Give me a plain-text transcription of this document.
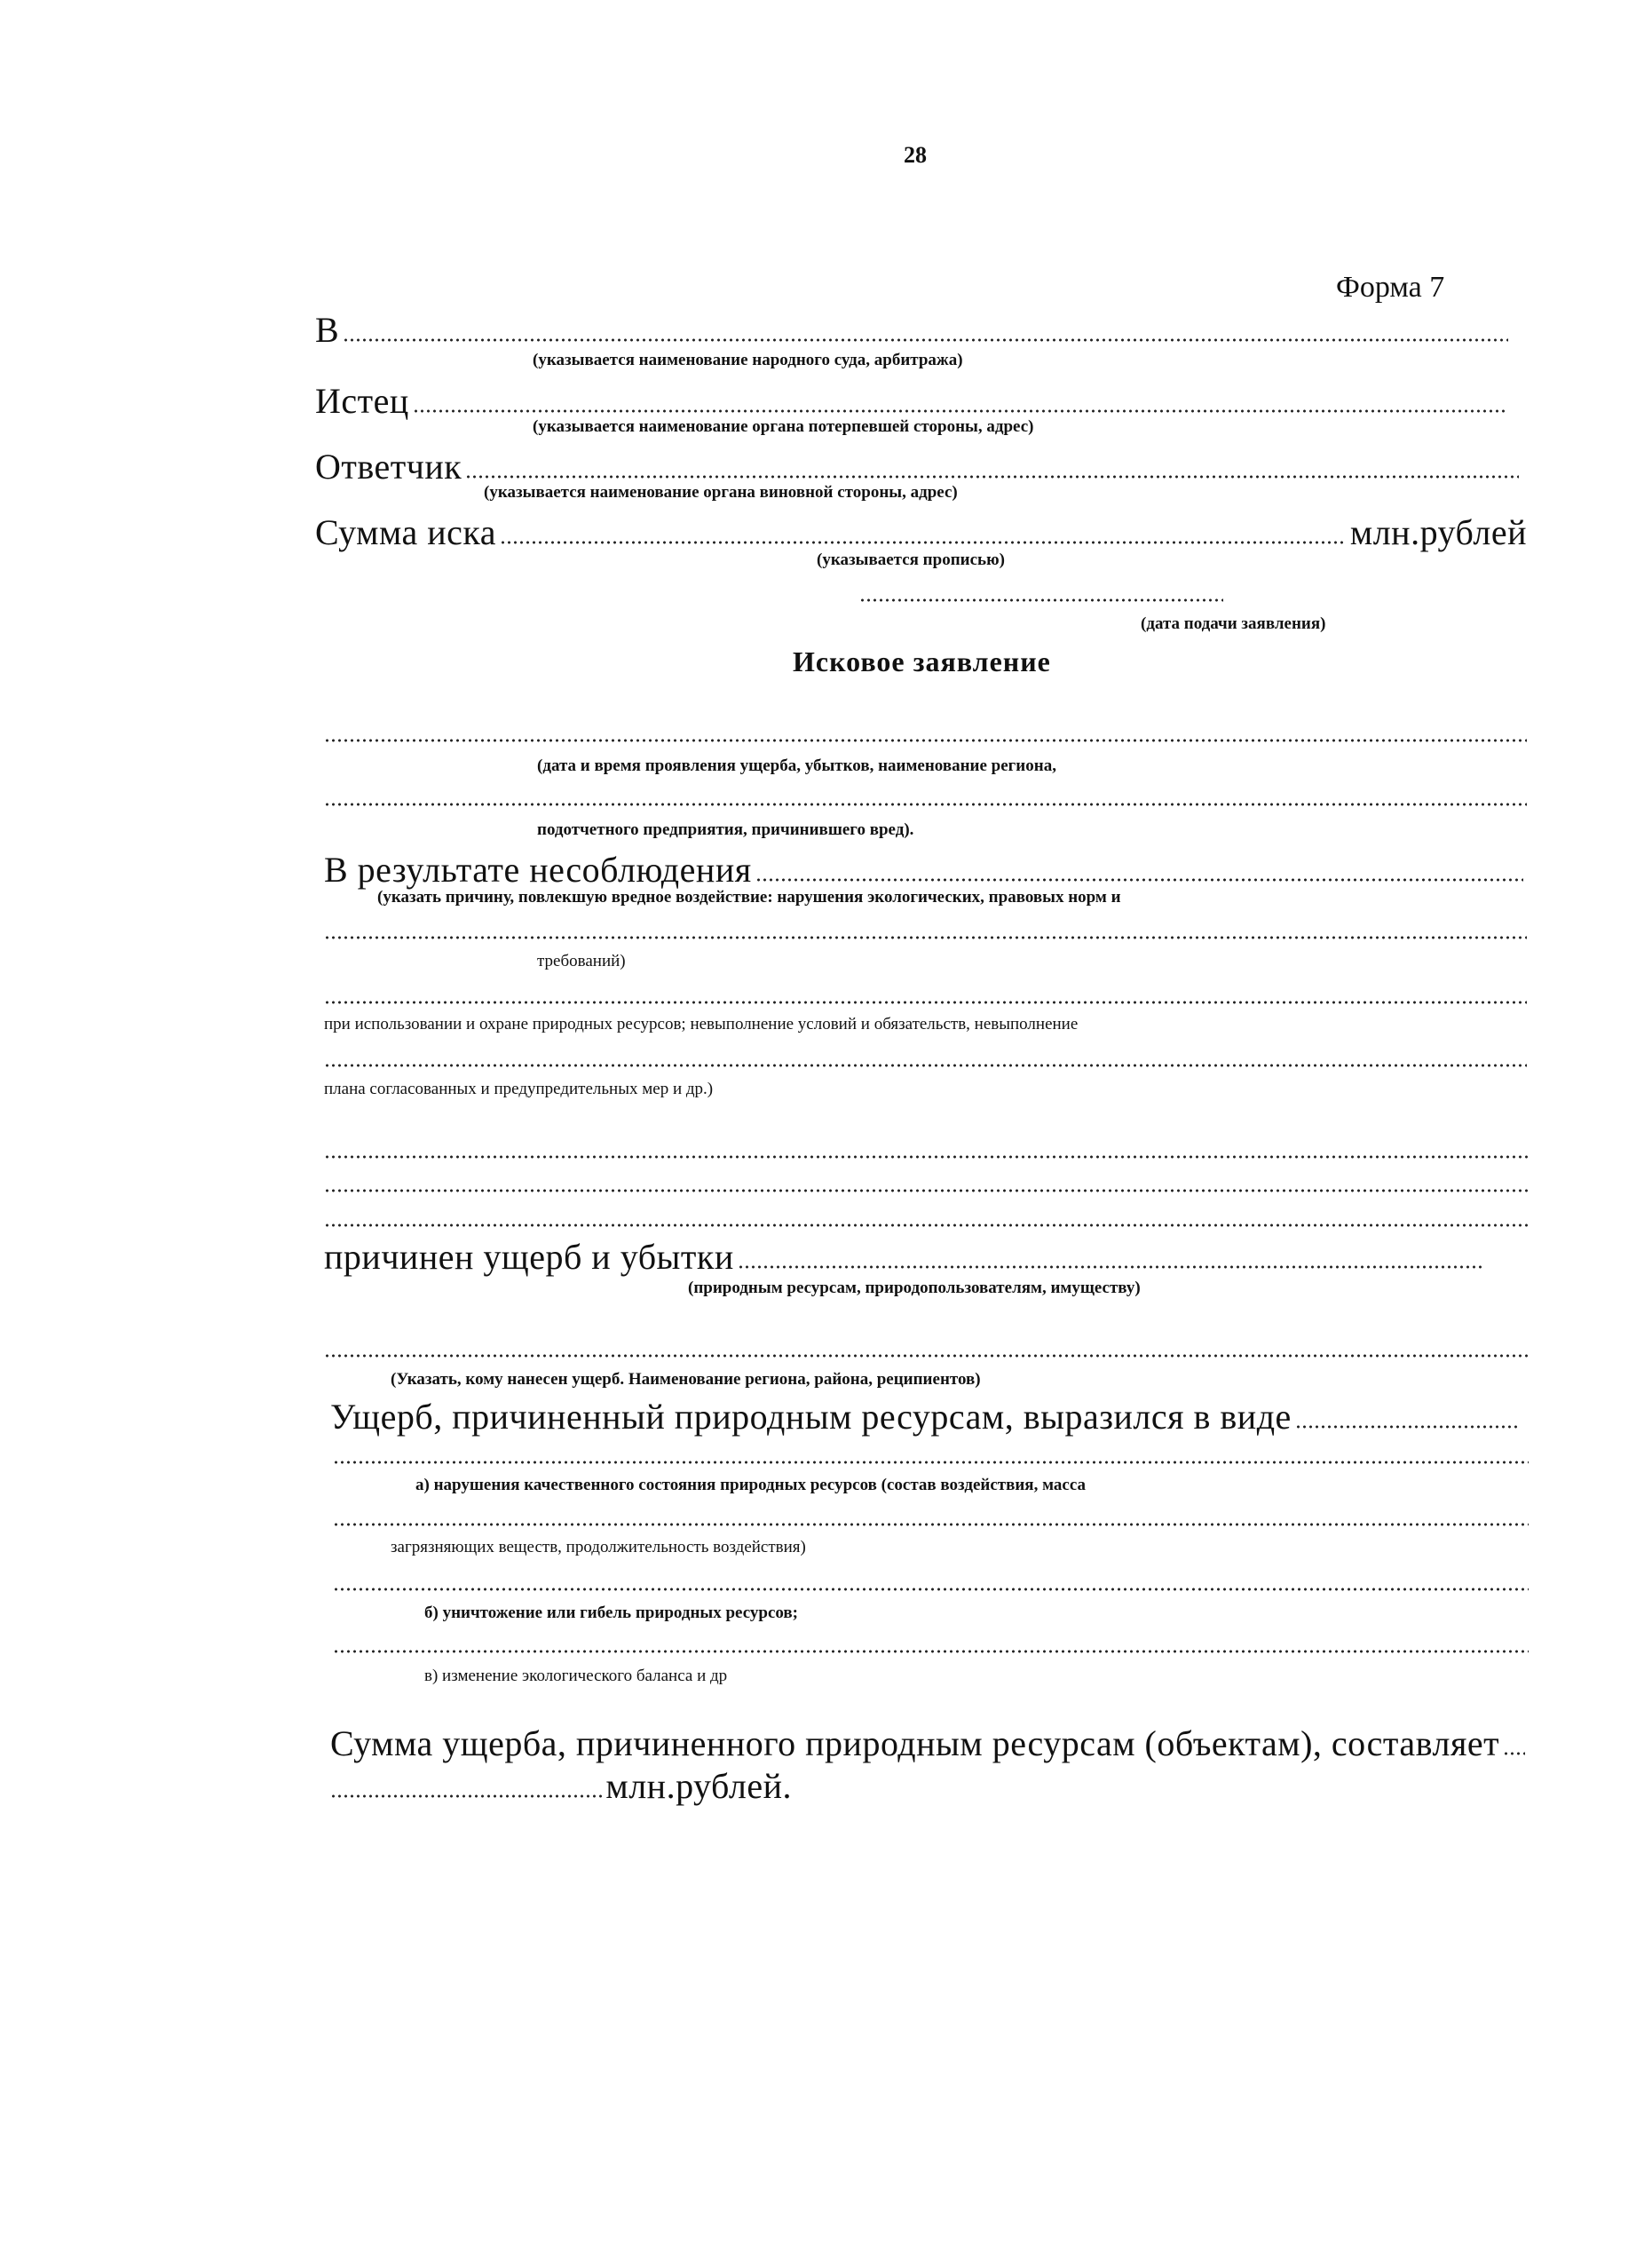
28
Форма 7
В
(указывается наименование народного суда, арбитража)
Истец
(указывается наименование органа потерпевшей стороны, адрес)
Ответчик
(указывается наименование органа виновной стороны, адрес)
Сумма иска	млн.рублей
(указывается прописью)
(дата подачи заявления)
Исковое заявление
(дата и время проявления ущерба, убытков, наименование региона,
подотчетного предприятия, причинившего вред).
В результате несоблюдения
(указать причину, повлекшую вредное воздействие: нарушения экологических, правовых норм и
требований)
при использовании и охране природных ресурсов; невыполнение условий и обязательств, невыполнение
плана согласованных и предупредительных мер и др.)
причинен ущерб и убытки
(природным ресурсам, природопользователям, имуществу)
(Указать, кому нанесен ущерб. Наименование региона, района, реципиентов)
Ущерб, причиненный природным ресурсам, выразился в виде
а) нарушения качественного состояния природных ресурсов (состав воздействия, масса
загрязняющих веществ, продолжительность воздействия)
б) уничтожение или гибель природных ресурсов;
в) изменение экологического баланса и др
Сумма ущерба, причиненного природным ресурсам (объектам), составляет
млн.рублей.
